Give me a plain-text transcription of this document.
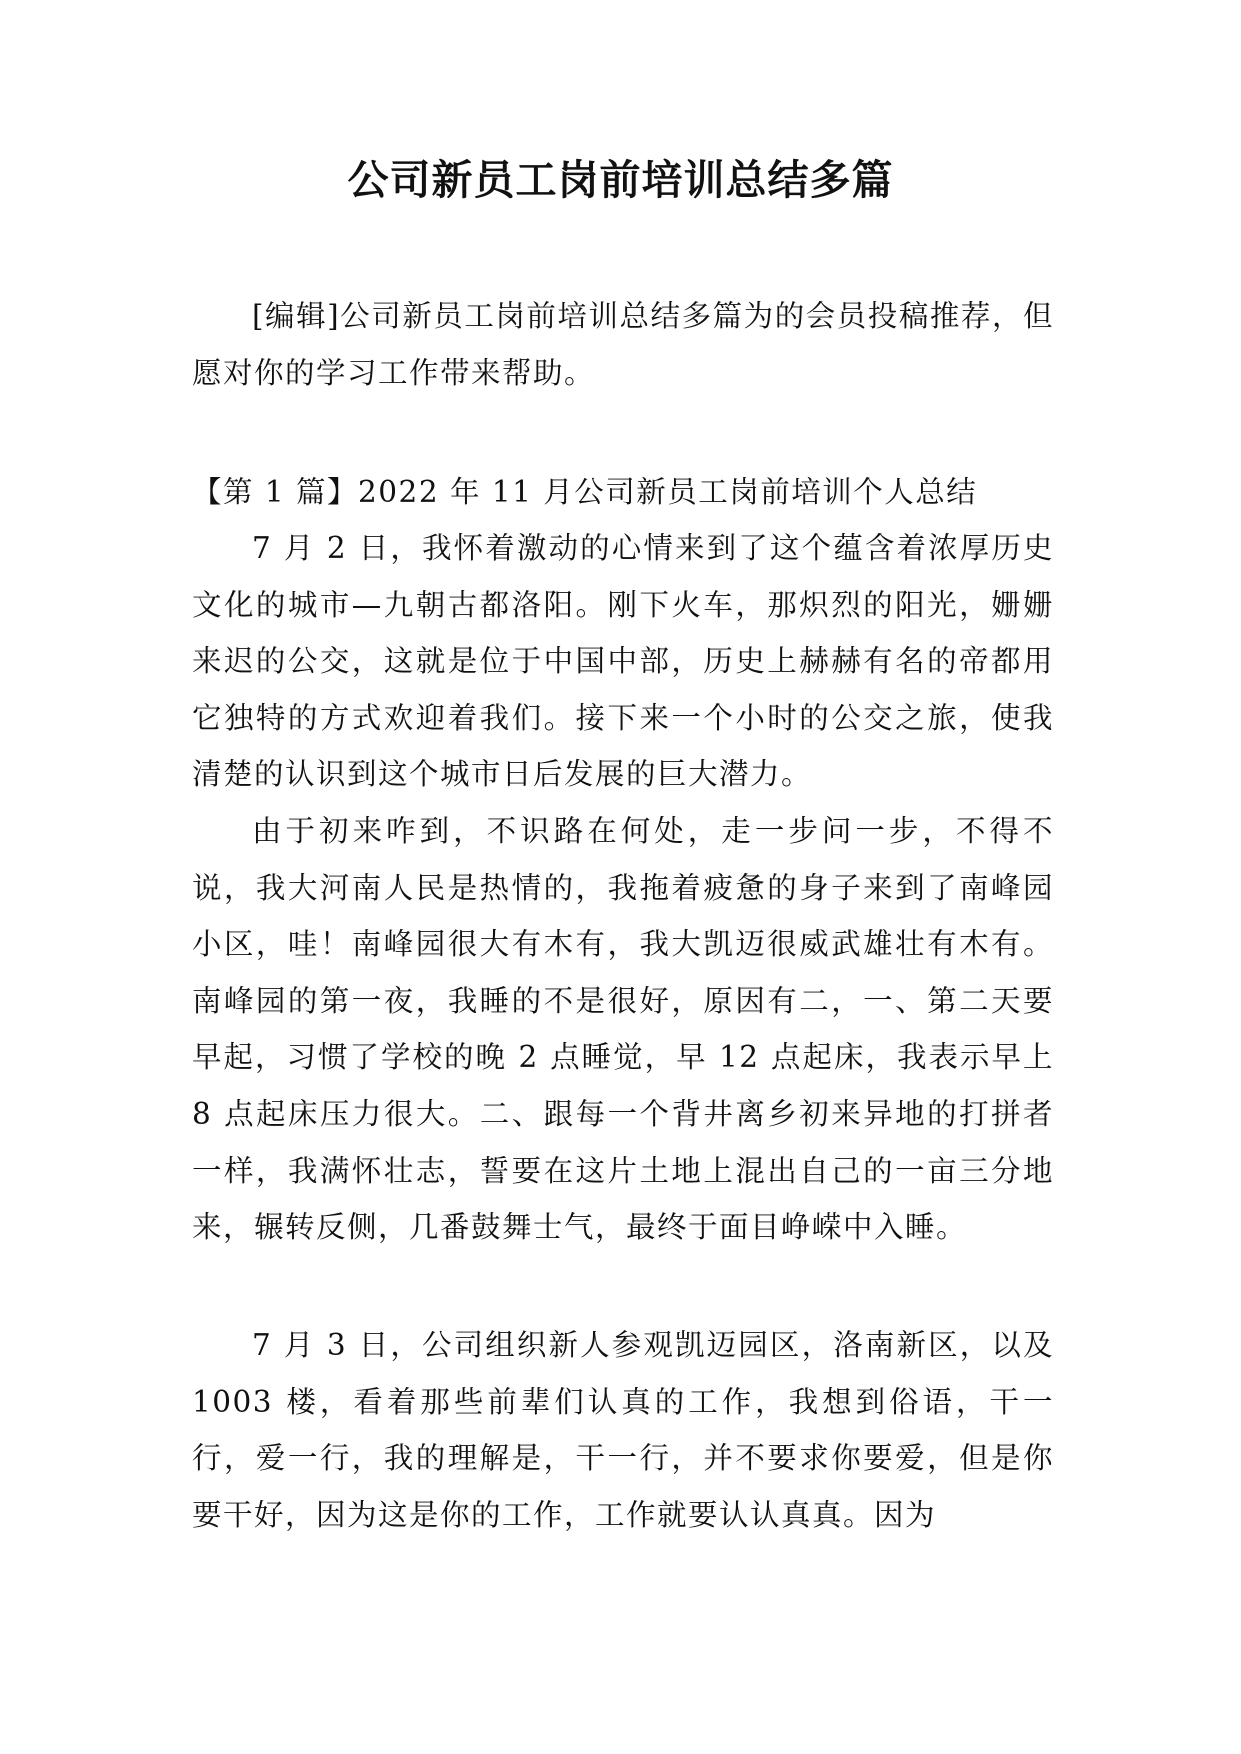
公司新员工岗前培训总结多篇

[编辑]公司新员工岗前培训总结多篇为的会员投稿推荐，但愿对你的学习工作带来帮助。

【第 1 篇】2022 年 11 月公司新员工岗前培训个人总结

7 月 2 日，我怀着激动的心情来到了这个蕴含着浓厚历史文化的城市—九朝古都洛阳。刚下火车，那炽烈的阳光，姗姗来迟的公交，这就是位于中国中部，历史上赫赫有名的帝都用它独特的方式欢迎着我们。接下来一个小时的公交之旅，使我清楚的认识到这个城市日后发展的巨大潜力。

由于初来咋到，不识路在何处，走一步问一步，不得不说，我大河南人民是热情的，我拖着疲惫的身子来到了南峰园小区，哇！南峰园很大有木有，我大凯迈很威武雄壮有木有。南峰园的第一夜，我睡的不是很好，原因有二，一、第二天要早起，习惯了学校的晚 2 点睡觉，早 12 点起床，我表示早上 8 点起床压力很大。二、跟每一个背井离乡初来异地的打拼者一样，我满怀壮志，誓要在这片土地上混出自己的一亩三分地来，辗转反侧，几番鼓舞士气，最终于面目峥嵘中入睡。

7 月 3 日，公司组织新人参观凯迈园区，洛南新区，以及 1003 楼，看着那些前辈们认真的工作，我想到俗语，干一行，爱一行，我的理解是，干一行，并不要求你要爱，但是你要干好，因为这是你的工作，工作就要认认真真。因为
